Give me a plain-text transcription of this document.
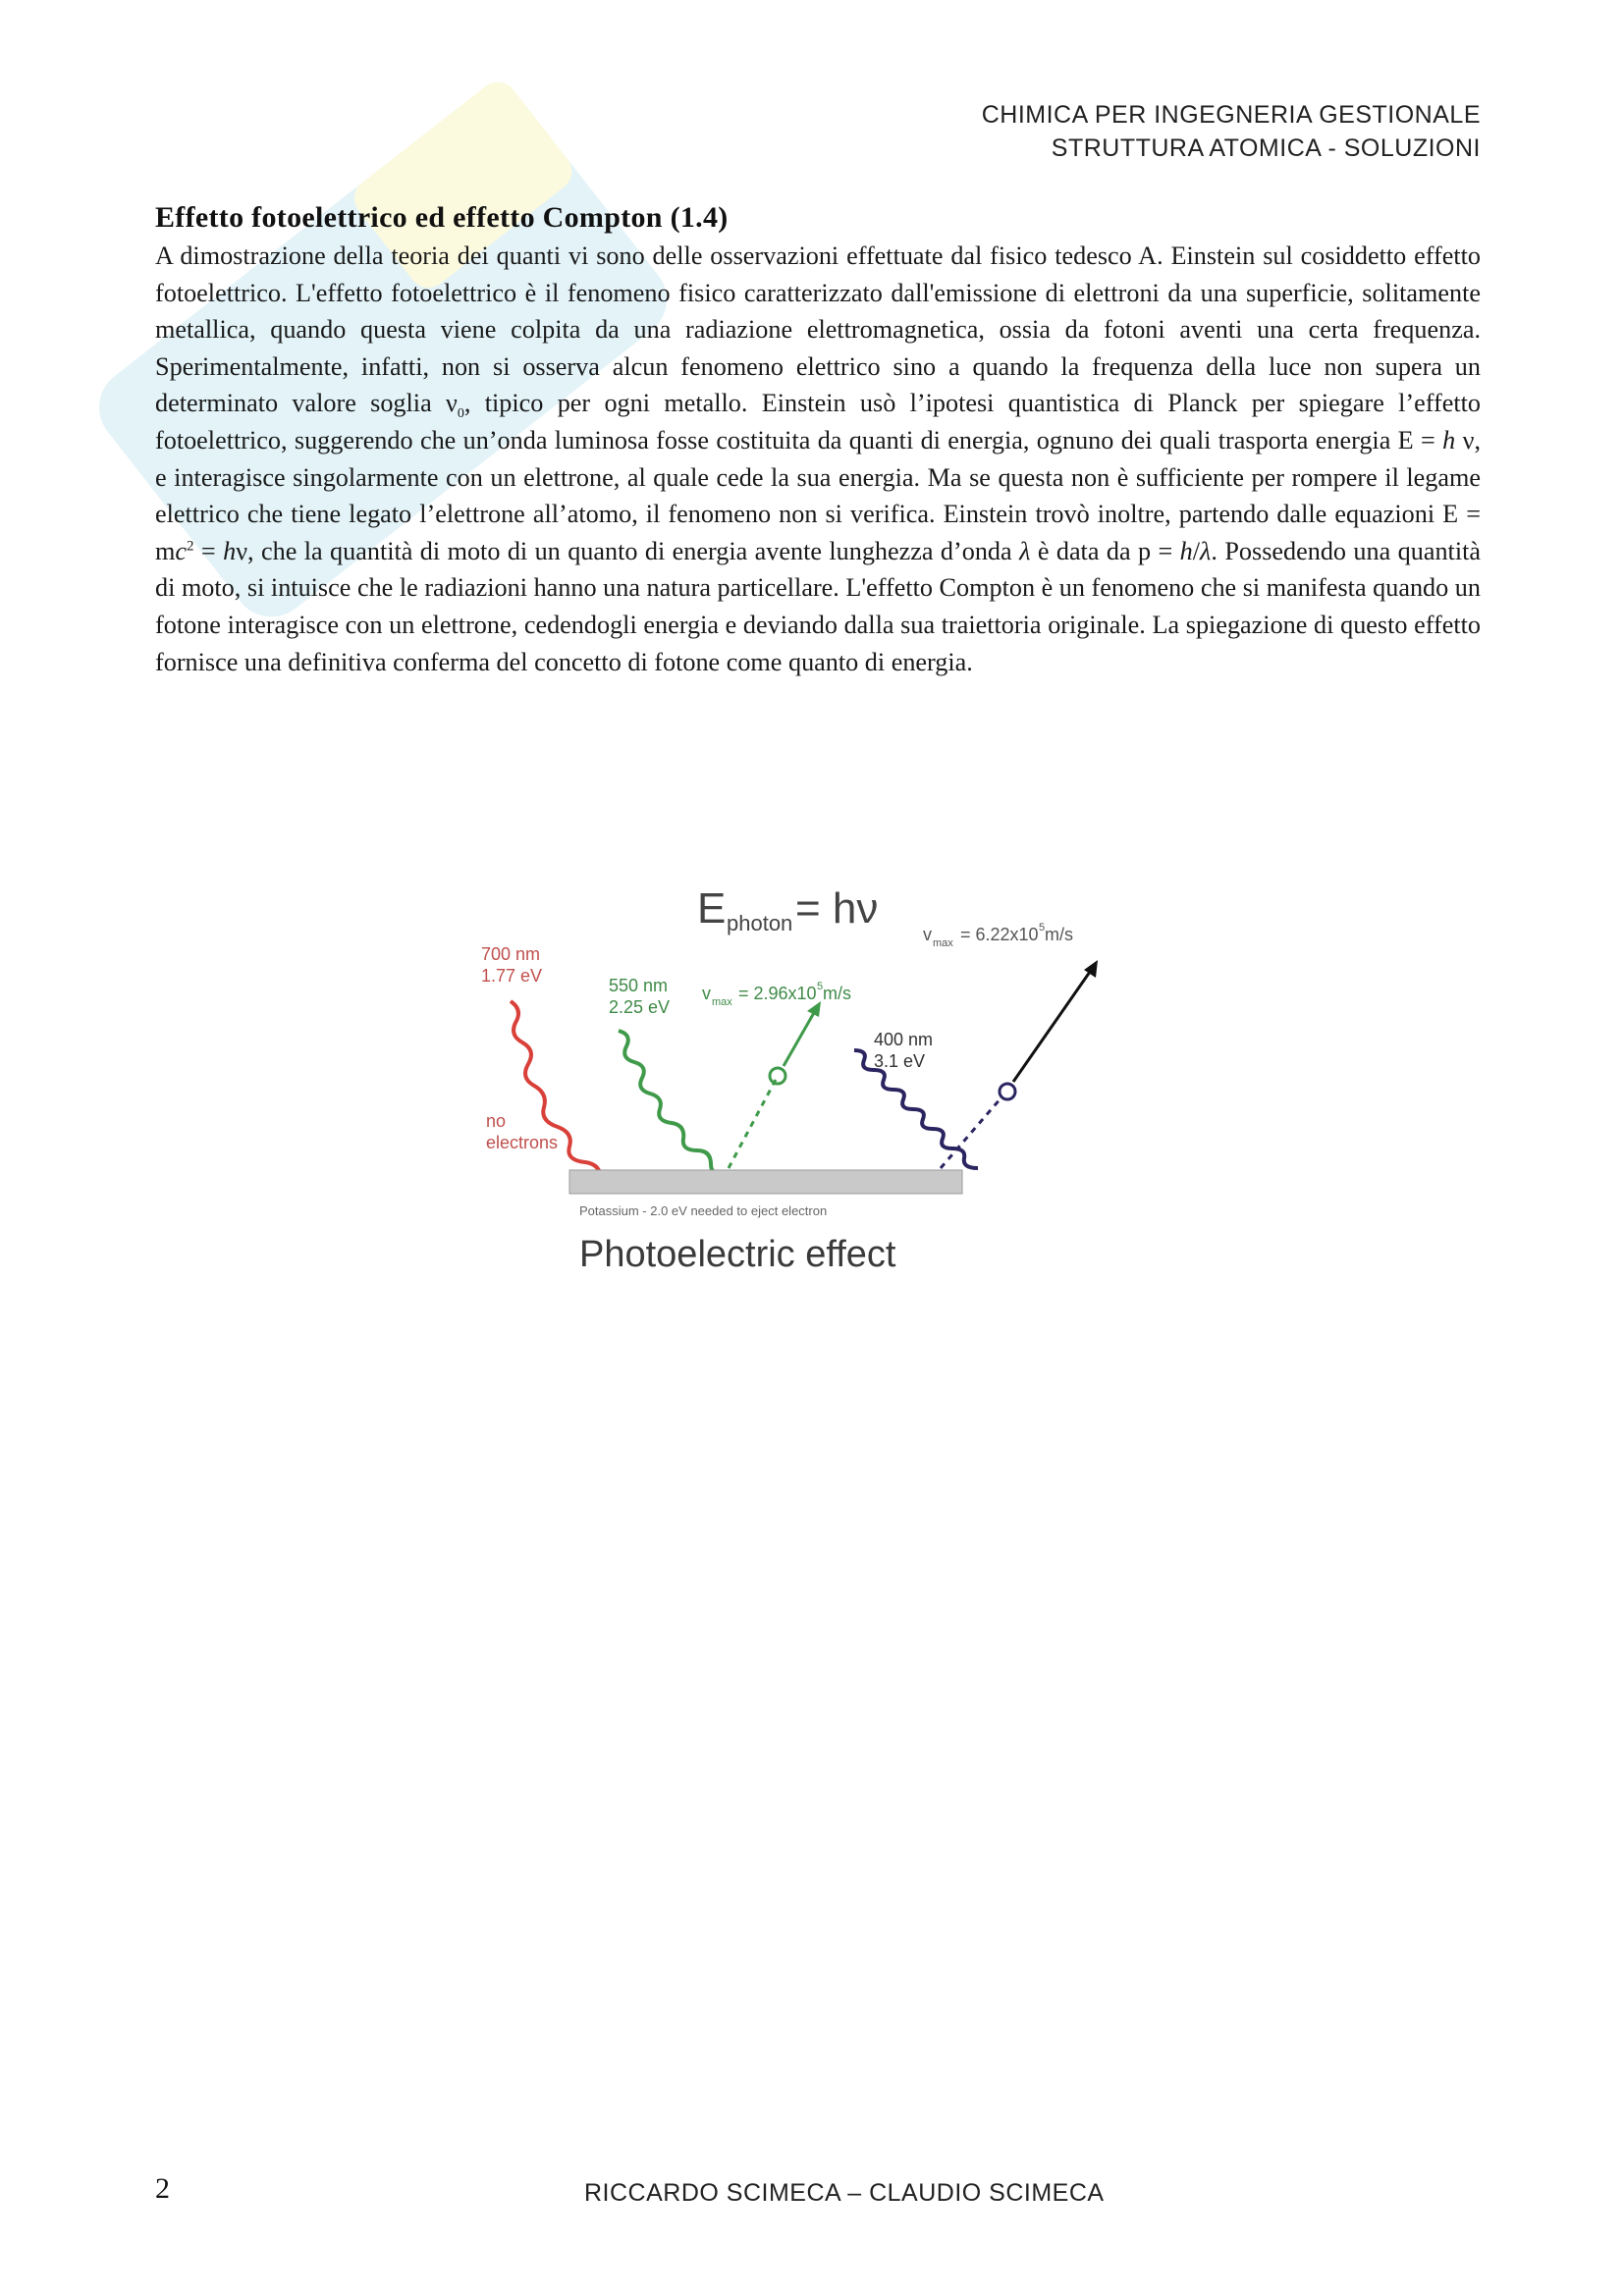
CHIMICA PER INGEGNERIA GESTIONALE
STRUTTURA ATOMICA - SOLUZIONI
Effetto fotoelettrico ed effetto Compton (1.4)

A dimostrazione della teoria dei quanti vi sono delle osservazioni effettuate dal fisico tedesco A. Einstein sul cosiddetto effetto fotoelettrico. L'effetto fotoelettrico è il fenomeno fisico caratterizzato dall'emissione di elettroni da una superficie, solitamente metallica, quando questa viene colpita da una radiazione elettromagnetica, ossia da fotoni aventi una certa frequenza. Sperimentalmente, infatti, non si osserva alcun fenomeno elettrico sino a quando la frequenza della luce non supera un determinato valore soglia $\nu_0$, tipico per ogni metallo. Einstein usò l’ipotesi quantistica di Planck per spiegare l’effetto fotoelettrico, suggerendo che un’onda luminosa fosse costituita da quanti di energia, ognuno dei quali trasporta energia E = h ν, e interagisce singolarmente con un elettrone, al quale cede la sua energia. Ma se questa non è sufficiente per rompere il legame elettrico che tiene legato l’elettrone all’atomo, il fenomeno non si verifica. Einstein trovò inoltre, partendo dalle equazioni $E = mc^2 = h\nu$, che la quantità di moto di un quanto di energia avente lunghezza d’onda λ è data da p = h/λ. Possedendo una quantità di moto, si intuisce che le radiazioni hanno una natura particellare. L'effetto Compton è un fenomeno che si manifesta quando un fotone interagisce con un elettrone, cedendogli energia e deviando dalla sua traiettoria originale. La spiegazione di questo effetto fornisce una definitiva conferma del concetto di fotone come quanto di energia.

E photon = hν
700 nm
1.77 eV
no
electrons
550 nm
2.25 eV
v max = 2.96x10 5 m/s
400 nm
3.1 eV
v max = 6.22x10 5 m/s
Potassium - 2.0 eV needed to eject electron
Photoelectric effect
2	RICCARDO SCIMECA – CLAUDIO SCIMECA
